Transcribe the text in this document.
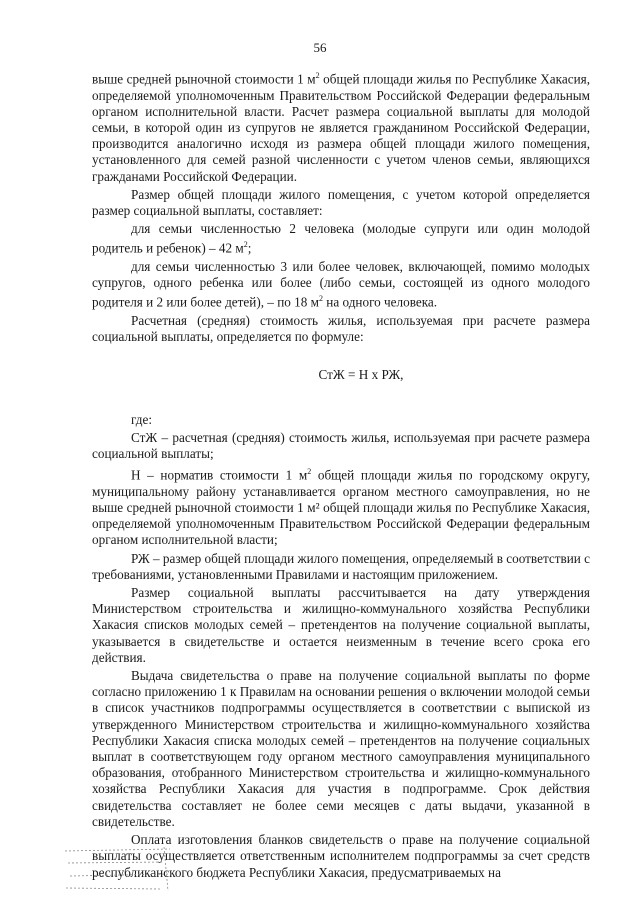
56

выше средней рыночной стоимости 1 $м^2$ общей площади жилья по Республике Хакасия, определяемой уполномоченным Правительством Российской Федерации федеральным органом исполнительной власти. Расчет размера социальной выплаты для молодой семьи, в которой один из супругов не является гражданином Российской Федерации, производится аналогично исходя из размера общей площади жилого помещения, установленного для семей разной численности с учетом членов семьи, являющихся гражданами Российской Федерации.

Размер общей площади жилого помещения, с учетом которой определяется размер социальной выплаты, составляет:

для семьи численностью 2 человека (молодые супруги или один молодой родитель и ребенок) – 42 $м^2$;

для семьи численностью 3 или более человек, включающей, помимо молодых супругов, одного ребенка или более (либо семьи, состоящей из одного молодого родителя и 2 или более детей), – по 18 $м^2$ на одного человека.

Расчетная (средняя) стоимость жилья, используемая при расчете размера социальной выплаты, определяется по формуле:

СтЖ = Н х РЖ,

где:

СтЖ – расчетная (средняя) стоимость жилья, используемая при расчете размера социальной выплаты;

Н – норматив стоимости 1 $м^2$ общей площади жилья по городскому округу, муниципальному району устанавливается органом местного самоуправления, но не выше средней рыночной стоимости 1 м² общей площади жилья по Республике Хакасия, определяемой уполномоченным Правительством Российской Федерации федеральным органом исполнительной власти;

РЖ – размер общей площади жилого помещения, определяемый в соответствии с требованиями, установленными Правилами и настоящим приложением.

Размер социальной выплаты рассчитывается на дату утверждения Министерством строительства и жилищно-коммунального хозяйства Республики Хакасия списков молодых семей – претендентов на получение социальной выплаты, указывается в свидетельстве и остается неизменным в течение всего срока его действия.

Выдача свидетельства о праве на получение социальной выплаты по форме согласно приложению 1 к Правилам на основании решения о включении молодой семьи в список участников подпрограммы осуществляется в соответствии с выпиской из утвержденного Министерством строительства и жилищно-коммунального хозяйства Республики Хакасия списка молодых семей – претендентов на получение социальных выплат в соответствующем году органом местного самоуправления муниципального образования, отобранного Министерством строительства и жилищно-коммунального хозяйства Республики Хакасия для участия в подпрограмме. Срок действия свидетельства составляет не более семи месяцев с даты выдачи, указанной в свидетельстве.

Оплата изготовления бланков свидетельств о праве на получение социальной выплаты осуществляется ответственным исполнителем подпрограммы за счет средств республиканского бюджета Республики Хакасия, предусматриваемых на
